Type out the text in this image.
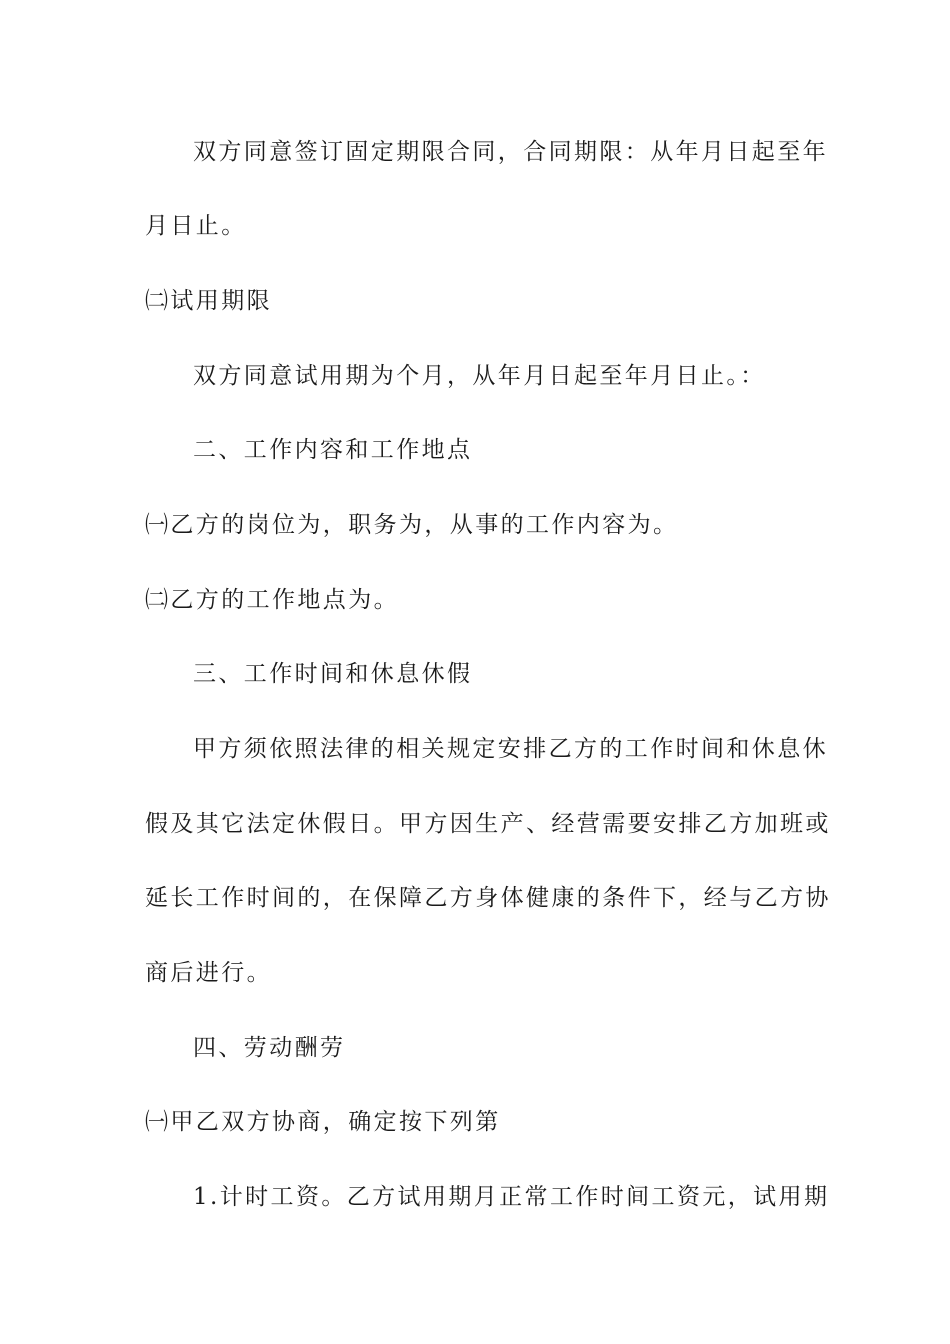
双方同意签订固定期限合同，合同期限：从年月日起至年
月日止。
㈡试用期限
双方同意试用期为个月，从年月日起至年月日止。：
二、工作内容和工作地点
㈠乙方的岗位为，职务为，从事的工作内容为。
㈡乙方的工作地点为。
三、工作时间和休息休假
甲方须依照法律的相关规定安排乙方的工作时间和休息休
假及其它法定休假日。甲方因生产、经营需要安排乙方加班或
延长工作时间的，在保障乙方身体健康的条件下，经与乙方协
商后进行。
四、劳动酬劳
㈠甲乙双方协商，确定按下列第
1.计时工资。乙方试用期月正常工作时间工资元，试用期
